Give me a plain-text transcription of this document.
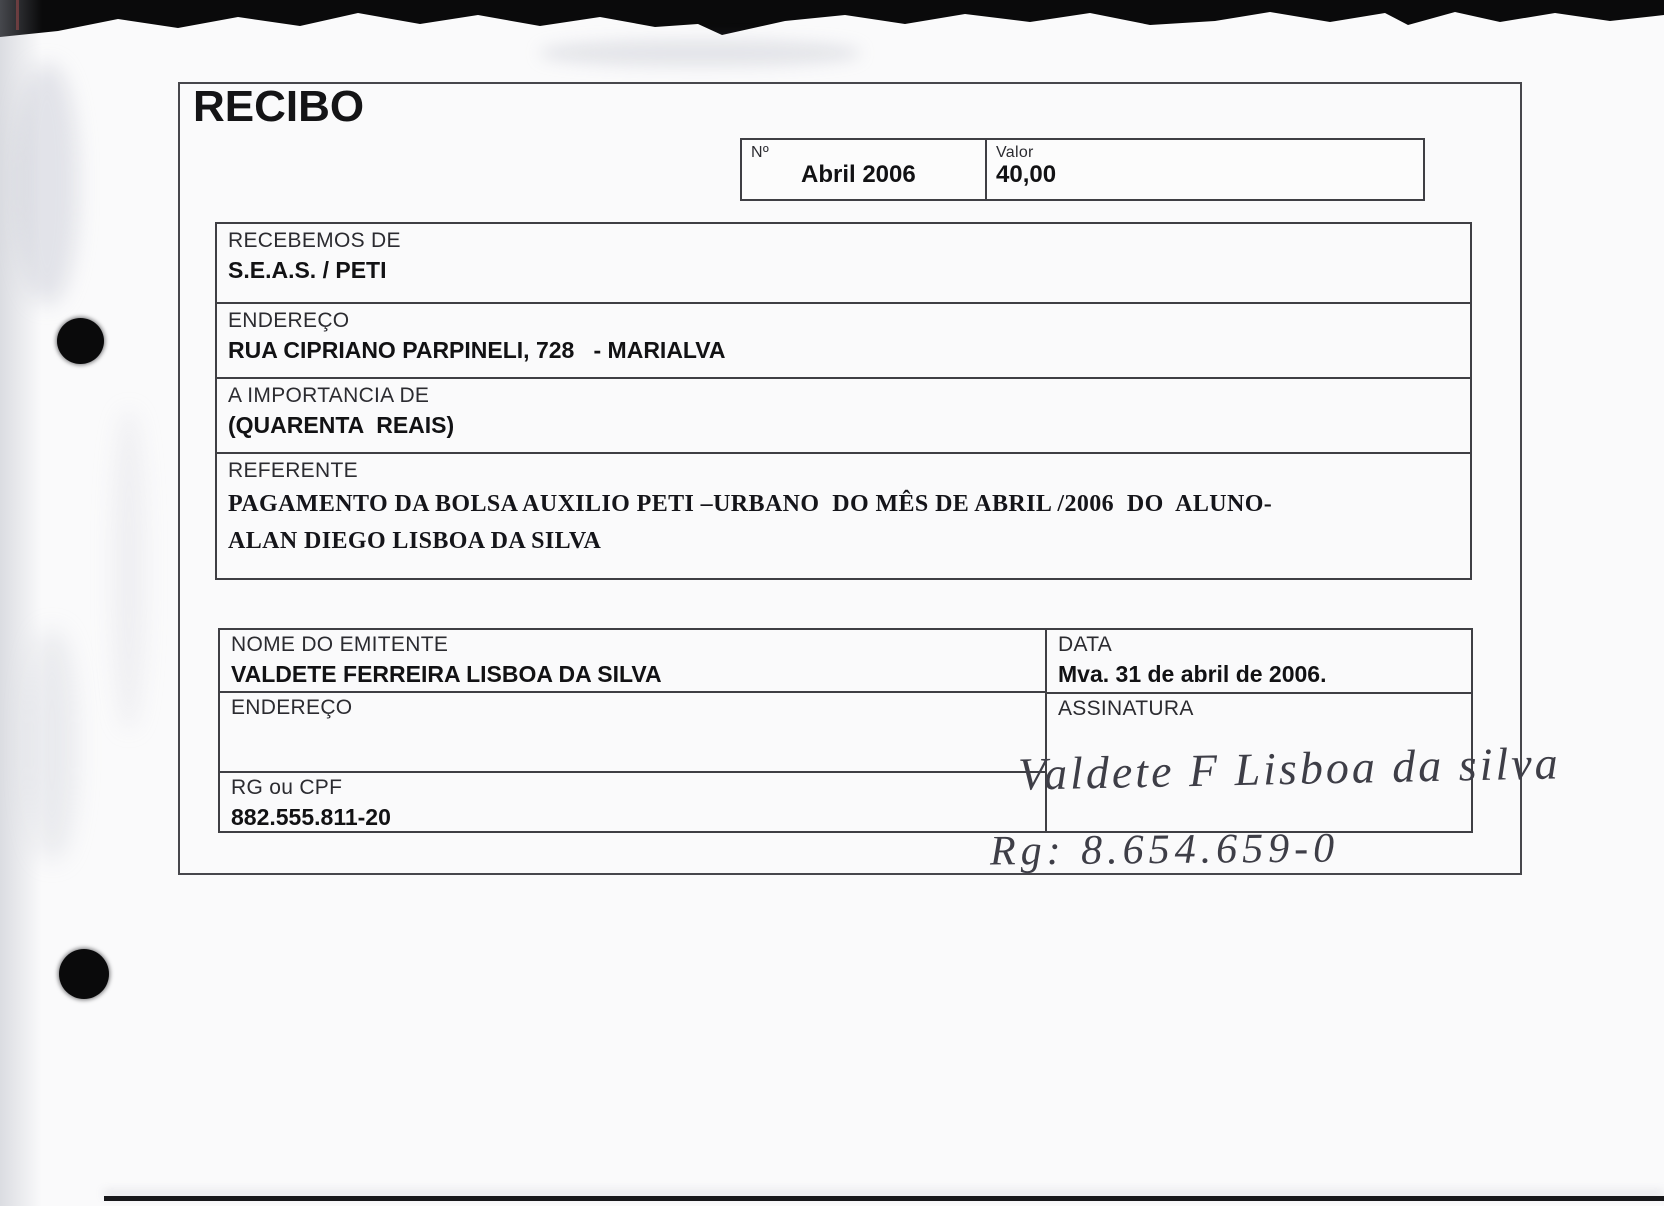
RECIBO
Nº
Abril 2006
Valor
40,00
RECEBEMOS DE
S.E.A.S. / PETI
ENDEREÇO
RUA CIPRIANO PARPINELI, 728   - MARIALVA
A IMPORTANCIA DE
(QUARENTA  REAIS)
REFERENTE
PAGAMENTO DA BOLSA AUXILIO PETI –URBANO  DO MÊS DE ABRIL /2006  DO  ALUNO-
ALAN DIEGO LISBOA DA SILVA
NOME DO EMITENTE
VALDETE FERREIRA LISBOA DA SILVA
ENDEREÇO
RG ou CPF
882.555.811-20
DATA
Mva. 31 de abril de 2006.
ASSINATURA
Valdete F Lisboa da silva
Rg: 8.654.659-0
